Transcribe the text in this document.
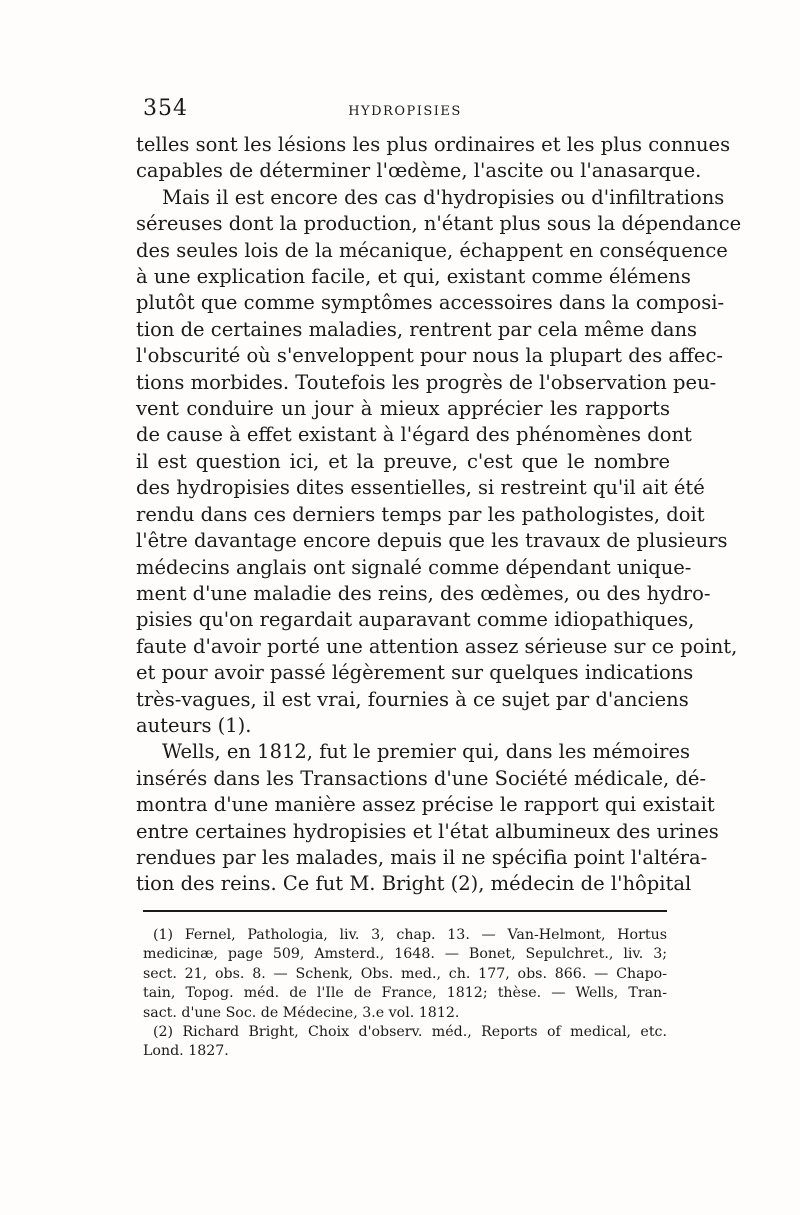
354	HYDROPISIES
telles sont les lésions les plus ordinaires et les plus connues
capables de déterminer l'œdème, l'ascite ou l'anasarque.
Mais il est encore des cas d'hydropisies ou d'infiltrations
séreuses dont la production, n'étant plus sous la dépendance
des seules lois de la mécanique, échappent en conséquence
à une explication facile, et qui, existant comme élémens
plutôt que comme symptômes accessoires dans la composi-
tion de certaines maladies, rentrent par cela même dans
l'obscurité où s'enveloppent pour nous la plupart des affec-
tions morbides. Toutefois les progrès de l'observation peu-
vent conduire un jour à mieux apprécier les rapports
de cause à effet existant à l'égard des phénomènes dont
il est question ici, et la preuve, c'est que le nombre
des hydropisies dites essentielles, si restreint qu'il ait été
rendu dans ces derniers temps par les pathologistes, doit
l'être davantage encore depuis que les travaux de plusieurs
médecins anglais ont signalé comme dépendant unique-
ment d'une maladie des reins, des œdèmes, ou des hydro-
pisies qu'on regardait auparavant comme idiopathiques,
faute d'avoir porté une attention assez sérieuse sur ce point,
et pour avoir passé légèrement sur quelques indications
très-vagues, il est vrai, fournies à ce sujet par d'anciens
auteurs (1).
Wells, en 1812, fut le premier qui, dans les mémoires
insérés dans les Transactions d'une Société médicale, dé-
montra d'une manière assez précise le rapport qui existait
entre certaines hydropisies et l'état albumineux des urines
rendues par les malades, mais il ne spécifia point l'altéra-
tion des reins. Ce fut M. Bright (2), médecin de l'hôpital
(1) Fernel, Pathologia, liv. 3, chap. 13. — Van-Helmont, Hortus
medicinæ, page 509, Amsterd., 1648. — Bonet, Sepulchret., liv. 3;
sect. 21, obs. 8. — Schenk, Obs. med., ch. 177, obs. 866. — Chapo-
tain, Topog. méd. de l'Ile de France, 1812; thèse. — Wells, Tran-
sact. d'une Soc. de Médecine, 3.e vol. 1812.
(2) Richard Bright, Choix d'observ. méd., Reports of medical, etc.
Lond. 1827.
